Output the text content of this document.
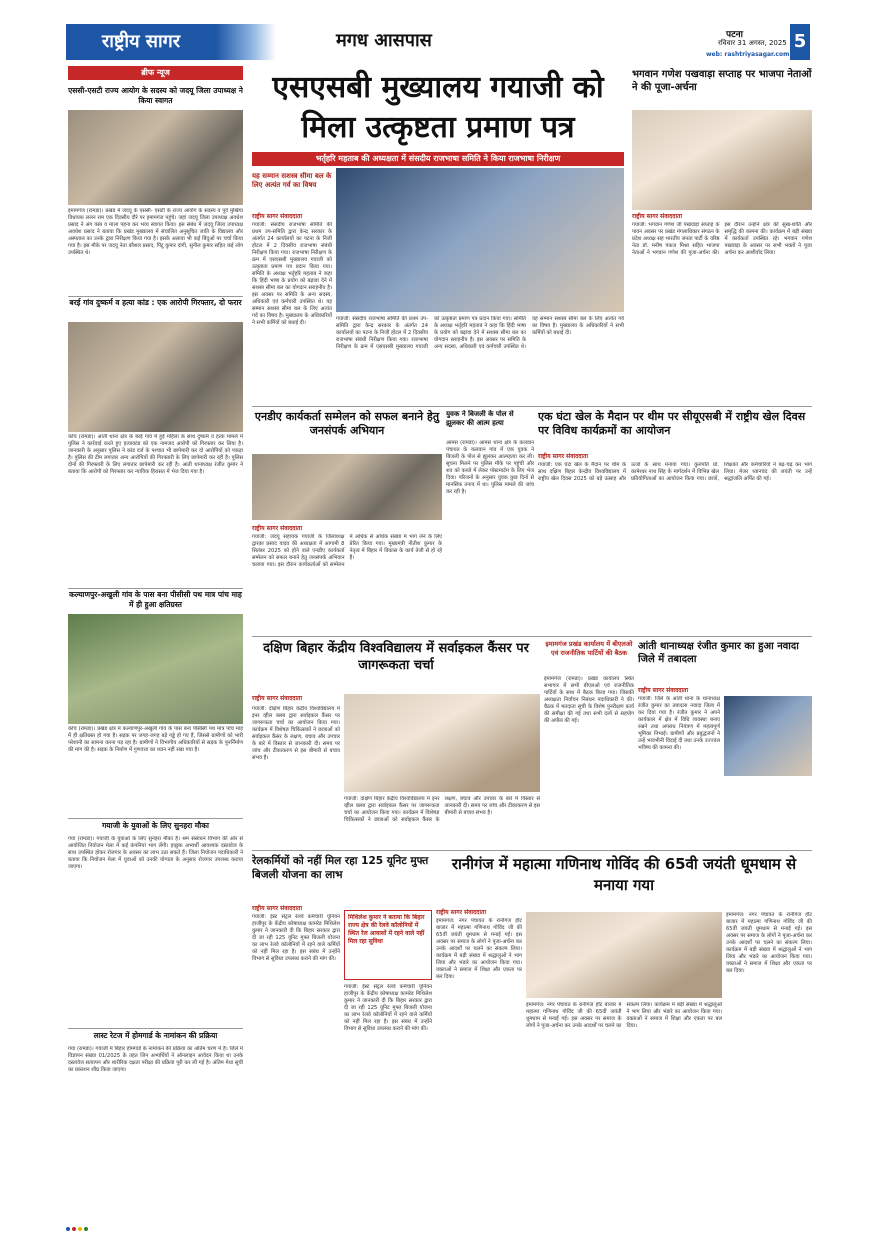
राष्ट्रीय सागर	मगध आसपास	पटना
रविवार 31 अगस्त, 2025
web: rashtriyasagar.com
5
ब्रीफ न्यूज
एससी-एसटी राज्य आयोग के सदस्य को जदयू जिला उपाध्यक्ष ने किया स्वागत
इमामगंज (रामडा)। प्रखंड में जदयू के एससी- एसटी के राज्य आयोग के सदस्य व पूर्व मुखिया विधायक ललन राम एक दिवसीय दौरे पर इमामगंज पहुंचे। जहां जदयू जिला उपाध्यक्ष अवधेश प्रसाद ने अंग वस्त्र व माला पहना कर भव्य स्वागत किया। इस संबंध में जदयू जिला उपाध्यक्ष अवधेश प्रसाद ने बताया कि प्रखंड मुख्यालय में संचालित अनुसूचित जाति के विद्यालय और अस्पताल का उनके द्वारा निरीक्षण किया गया है। इसके अलावा भी कई बिंदुओं पर चर्चा किया गया है। इस मौके पर जदयू नेता कौशल प्रसाद, पिंटू कुमार दांगी, सुनील कुमार सहित कई लोग उपस्थित थे।
बरई गांव दुष्कर्म व हत्या कांड : एक आरोपी गिरफ्तार, दो फरार
कोंच (रामडा)। आती थाना क्षेत्र के बरई गांव में हुई महिला के साथ दुष्कर्म व हत्या मामले में पुलिस ने कार्रवाई करते हुए हत्याकांड को एक नामजद आरोपी को गिरफ्तार कर लिया है। जानकारी के अनुसार पुलिस ने कांड दर्ज के पश्चात भी छापेमारी कर दो आरोपियों को पकड़ा है। पुलिस की टीम लगातार अन्य आरोपियों की गिरफ्तारी के लिए छापेमारी कर रही है। पुलिस दोनों की गिरफ्तारी के लिए लगातार छापेमारी कर रही है। आती थानाध्यक्ष रंजीत कुमार ने बताया कि आरोपी को गिरफ्तार कर न्यायिक हिरासत में भेज दिया गया है।
कल्याणपुर-अखुली गांव के पास बना पीसीसी पथ मात्र पांच माह में ही हुआ क्षतिग्रस्त
कोंच (रामडा)। प्रखंड क्षेत्र में कल्याणपुर-अखुली गांव के पास बना पीसीसी पथ मात्र पांच माह में ही क्षतिग्रस्त हो गया है। सड़क पर जगह-जगह बड़े गड्ढे हो गए हैं, जिससे ग्रामीणों को भारी परेशानी का सामना करना पड़ रहा है। ग्रामीणों ने विभागीय अधिकारियों से सड़क के पुनर्निर्माण की मांग की है। सड़क के निर्माण में गुणवत्ता का ध्यान नहीं रखा गया है।
गयाजी के युवाओं के लिए सुनहरा मौका
गया (रामडा)। गयाजी के युवाओं के लिए सुनहरा मौका है। श्रम संसाधन विभाग की ओर से आयोजित नियोजन मेला में कई कंपनियां भाग लेंगी। इच्छुक अभ्यर्थी आवश्यक दस्तावेज के साथ उपस्थित होकर रोजगार के अवसर का लाभ उठा सकते हैं। जिला नियोजन पदाधिकारी ने बताया कि नियोजन मेला में युवाओं को उनकी योग्यता के अनुसार रोजगार उपलब्ध कराया जाएगा।
लास्ट रेटज में होमगार्ड के नामांकन की प्रक्रिया
गया (रामडा)। गयाजी में बिहार होमगार्ड के नामांकन की प्रक्रिया का अंतिम चरण में है। जिले में विज्ञापन संख्या 01/2025 के तहत जिन अभ्यर्थियों ने ऑनलाइन आवेदन किया था उनके दस्तावेज सत्यापन और शारीरिक दक्षता परीक्षा की प्रक्रिया पूरी कर ली गई है। अंतिम मेधा सूची का प्रकाशन शीघ्र किया जाएगा।
एसएसबी मुख्यालय गयाजी को मिला उत्कृष्टता प्रमाण पत्र
भर्तृहरि महताब की अध्यक्षता में संसदीय राजभाषा समिति ने किया राजभाषा निरीक्षण
यह सम्मान सशस्त्र सीमा बल के लिए अत्यंत गर्व का विषय
राष्ट्रीय सागर संवाददाता
गयाजी: संसदीय राजभाषा समिति की प्रथम उप-समिति द्वारा केन्द्र सरकार के अंतर्गत 24 कार्यालयों का पटना के निजी होटल में 2 दिवसीय राजभाषा संबंधी निरीक्षण किया गया। राजभाषा निरीक्षण के क्रम में एसएसबी मुख्यालय गयाजी को उत्कृष्टता प्रमाण पत्र प्रदान किया गया। समिति के अध्यक्ष भर्तृहरि महताब ने कहा कि हिंदी भाषा के प्रयोग को बढ़ावा देने में सशस्त्र सीमा बल का योगदान सराहनीय है। इस अवसर पर समिति के अन्य सदस्य, अधिकारी एवं कर्मचारी उपस्थित थे। यह सम्मान सशस्त्र सीमा बल के लिए अत्यंत गर्व का विषय है। मुख्यालय के अधिकारियों ने सभी कर्मियों को बधाई दी।
गयाजी: संसदीय राजभाषा समिति की प्रथम उप-समिति द्वारा केन्द्र सरकार के अंतर्गत 24 कार्यालयों का पटना के निजी होटल में 2 दिवसीय राजभाषा संबंधी निरीक्षण किया गया। राजभाषा निरीक्षण के क्रम में एसएसबी मुख्यालय गयाजी को उत्कृष्टता प्रमाण पत्र प्रदान किया गया। समिति के अध्यक्ष भर्तृहरि महताब ने कहा कि हिंदी भाषा के प्रयोग को बढ़ावा देने में सशस्त्र सीमा बल का योगदान सराहनीय है। इस अवसर पर समिति के अन्य सदस्य, अधिकारी एवं कर्मचारी उपस्थित थे। यह सम्मान सशस्त्र सीमा बल के लिए अत्यंत गर्व का विषय है। मुख्यालय के अधिकारियों ने सभी कर्मियों को बधाई दी।
भगवान गणेश पखवाड़ा सप्ताह पर भाजपा नेताओं ने की पूजा-अर्चना
राष्ट्रीय सागर संवाददाता
गयाजी: भगवान गणेश जी पखवाड़ा सप्ताह के पावन अवसर पर प्रखंड मंगलाधिकार संगठन के प्रदेश अध्यक्ष सह भारतीय जनता पार्टी के वरिष्ठ नेता डॉ. मनीष पंकज मिश्रा सहित भाजपा नेताओं ने भगवान गणेश की पूजा-अर्चना की। इस दौरान उन्होंने क्षेत्र की सुख-शांति और समृद्धि की कामना की। कार्यक्रम में बड़ी संख्या में कार्यकर्ता उपस्थित रहे। भगवान गणेश पखवाड़ा के अवसर पर सभी भक्तों ने पूजा अर्चना कर आशीर्वाद लिया।
एनडीए कार्यकर्ता सम्मेलन को सफल बनाने हेतु जनसंपर्क अभियान
राष्ट्रीय सागर संवाददाता
गयाजी: जदयू सहायक गयाजी के जिलाध्यक्ष द्वारका प्रसाद यादव की अध्यक्षता में आगामी 8 सितंबर 2025 को होने वाले एनडीए कार्यकर्ता सम्मेलन को सफल बनाने हेतु जनसंपर्क अभियान चलाया गया। इस दौरान कार्यकर्ताओं को सम्मेलन में अधिक से अधिक संख्या में भाग लेने के लिए प्रेरित किया गया। मुख्यमंत्री नीतीश कुमार के नेतृत्व में बिहार में विकास के कार्य तेजी से हो रहे हैं।
युवक ने बिजली के पोल से झूलकर की आत्म हत्या
आमस (रामडा)। आमस थाना क्षेत्र के कलवान पंचायत के कलवान गांव में एक युवक ने बिजली के पोल से झूलकर आत्महत्या कर ली। सूचना मिलने पर पुलिस मौके पर पहुंची और शव को कब्जे में लेकर पोस्टमार्टम के लिए भेज दिया। परिजनों के अनुसार युवक कुछ दिनों से मानसिक तनाव में था। पुलिस मामले की जांच कर रही है।
एक घंटा खेल के मैदान पर थीम पर सीयूएसबी में राष्ट्रीय खेल दिवस पर विविध कार्यक्रमों का आयोजन
राष्ट्रीय सागर संवाददाता
गयाजी: एक घंटा खेल के मैदान पर थीम के साथ दक्षिण बिहार केन्द्रीय विश्वविद्यालय में राष्ट्रीय खेल दिवस 2025 को बड़े उत्साह और ऊर्जा के साथ मनाया गया। कुलपति प्रो. कामेश्वर नाथ सिंह के मार्गदर्शन में विभिन्न खेल प्रतियोगिताओं का आयोजन किया गया। छात्रों, शिक्षकों और कर्मचारियों ने बढ़-चढ़ कर भाग लिया। मेजर ध्यानचंद की जयंती पर उन्हें श्रद्धांजलि अर्पित की गई।
दक्षिण बिहार केंद्रीय विश्वविद्यालय में सर्वाइकल कैंसर पर जागरूकता चर्चा
राष्ट्रीय सागर संवाददाता
गयाजी: दक्षिण बिहार केंद्रीय विश्वविद्यालय में इनर व्हील क्लब द्वारा सर्वाइकल कैंसर पर जागरूकता चर्चा का आयोजन किया गया। कार्यक्रम में विशेषज्ञ चिकित्सकों ने छात्राओं को सर्वाइकल कैंसर के लक्षण, बचाव और उपचार के बारे में विस्तार से जानकारी दी। समय पर जांच और टीकाकरण से इस बीमारी से बचाव संभव है।
गयाजी: दक्षिण बिहार केंद्रीय विश्वविद्यालय में इनर व्हील क्लब द्वारा सर्वाइकल कैंसर पर जागरूकता चर्चा का आयोजन किया गया। कार्यक्रम में विशेषज्ञ चिकित्सकों ने छात्राओं को सर्वाइकल कैंसर के लक्षण, बचाव और उपचार के बारे में विस्तार से जानकारी दी। समय पर जांच और टीकाकरण से इस बीमारी से बचाव संभव है।
इमामगंज प्रखंड कार्यालय में बीएलओ एवं राजनीतिक पार्टियों की बैठक
इमामगंज (रामडा)। प्रखंड कार्यालय स्थित सभागार में सभी बीएलओ एवं राजनीतिक पार्टियों के साथ में बैठक किया गया। जिसकी अध्यक्षता निर्वाचन निबंधन पदाधिकारी ने की। बैठक में मतदाता सूची के विशेष पुनरीक्षण कार्य की समीक्षा की गई तथा सभी दलों से सहयोग की अपील की गई।
आंती थानाध्यक्ष रंजीत कुमार का हुआ नवादा जिले में तबादला
राष्ट्रीय सागर संवाददाता
गयाजी: जिले के आंती थाना के थानाध्यक्ष रंजीत कुमार का तबादला नवादा जिला में कर दिया गया है। रंजीत कुमार ने अपने कार्यकाल में क्षेत्र में विधि व्यवस्था बनाए रखने तथा अपराध नियंत्रण में महत्वपूर्ण भूमिका निभाई। ग्रामीणों और प्रबुद्धजनों ने उन्हें भावभीनी विदाई दी तथा उनके उज्ज्वल भविष्य की कामना की।
रेलकर्मियों को नहीं मिल रहा 125 यूनिट मुफ्त बिजली योजना का लाभ
राष्ट्रीय सागर संवाददाता
गयाजी: ईस्ट सेंट्रल रेलवे कर्मचारी यूनियन हाजीपुर के केंद्रीय कोषाध्यक्ष कामरेड मिथिलेश कुमार ने जानकारी दी कि बिहार सरकार द्वारा दी जा रही 125 यूनिट मुफ्त बिजली योजना का लाभ रेलवे कॉलोनियों में रहने वाले कर्मियों को नहीं मिल रहा है। इस संबंध में उन्होंने विभाग से सुविधा उपलब्ध कराने की मांग की।
मिथिलेश कुमार ने बताया कि बिहार राज्य क्षेत्र की रेलवे कॉलोनियों में स्थित रेल आवासों में रहने वाले नहीं मिल रहा सुविधा
गयाजी: ईस्ट सेंट्रल रेलवे कर्मचारी यूनियन हाजीपुर के केंद्रीय कोषाध्यक्ष कामरेड मिथिलेश कुमार ने जानकारी दी कि बिहार सरकार द्वारा दी जा रही 125 यूनिट मुफ्त बिजली योजना का लाभ रेलवे कॉलोनियों में रहने वाले कर्मियों को नहीं मिल रहा है। इस संबंध में उन्होंने विभाग से सुविधा उपलब्ध कराने की मांग की।
रानीगंज में महात्मा गणिनाथ गोविंद की 65वी जयंती धूमधाम से मनाया गया
राष्ट्रीय सागर संवाददाता
इमामगंज: नगर पंचायत के रानीगंज हॉट बाजार में महात्मा गणिनाथ गोविंद जी की 65वीं जयंती धूमधाम से मनाई गई। इस अवसर पर समाज के लोगों ने पूजा-अर्चना कर उनके आदर्शों पर चलने का संकल्प लिया। कार्यक्रम में बड़ी संख्या में श्रद्धालुओं ने भाग लिया और भंडारे का आयोजन किया गया। वक्ताओं ने समाज में शिक्षा और एकता पर बल दिया।
इमामगंज: नगर पंचायत के रानीगंज हॉट बाजार में महात्मा गणिनाथ गोविंद जी की 65वीं जयंती धूमधाम से मनाई गई। इस अवसर पर समाज के लोगों ने पूजा-अर्चना कर उनके आदर्शों पर चलने का संकल्प लिया। कार्यक्रम में बड़ी संख्या में श्रद्धालुओं ने भाग लिया और भंडारे का आयोजन किया गया। वक्ताओं ने समाज में शिक्षा और एकता पर बल दिया।
इमामगंज: नगर पंचायत के रानीगंज हॉट बाजार में महात्मा गणिनाथ गोविंद जी की 65वीं जयंती धूमधाम से मनाई गई। इस अवसर पर समाज के लोगों ने पूजा-अर्चना कर उनके आदर्शों पर चलने का संकल्प लिया। कार्यक्रम में बड़ी संख्या में श्रद्धालुओं ने भाग लिया और भंडारे का आयोजन किया गया। वक्ताओं ने समाज में शिक्षा और एकता पर बल दिया।
